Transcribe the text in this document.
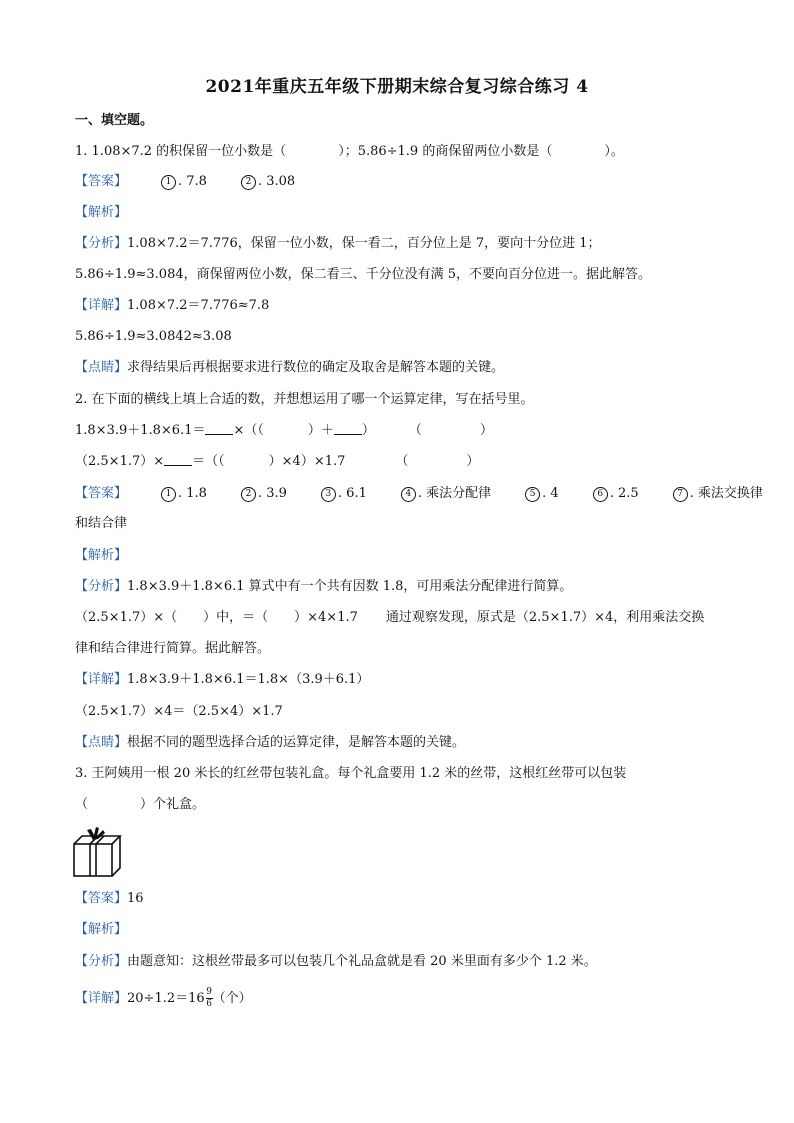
2021年重庆五年级下册期末综合复习综合练习 4
一、填空题。
1. 1.08×7.2 的积保留一位小数是（	）；5.86÷1.9 的商保留两位小数是（	）。
【答案】	1 . 7.8	2 . 3.08
【解析】
【分析】1.08×7.2＝7.776，保留一位小数，保一看二，百分位上是 7，要向十分位进 1；
5.86÷1.9≈3.084，商保留两位小数，保二看三、千分位没有满 5，不要向百分位进一。据此解答。
【详解】1.08×7.2＝7.776≈7.8
5.86÷1.9≈3.0842≈3.08
【点睛】求得结果后再根据要求进行数位的确定及取舍是解答本题的关键。
2. 在下面的横线上填上合适的数，并想想运用了哪一个运算定律，写在括号里。
1.8×3.9＋1.8×6.1＝ ×（（	）＋ ）	（	）
（2.5×1.7）× ＝（（	）×4）×1.7	（	）
【答案】	1 . 1.8	2 . 3.9	3 . 6.1	4 . 乘法分配律	5 . 4	6 . 2.5	7 . 乘法交换律
和结合律
【解析】
【分析】1.8×3.9＋1.8×6.1 算式中有一个共有因数 1.8，可用乘法分配律进行简算。
（2.5×1.7）×（　　）中，＝（　　）×4×1.7 通过观察发现，原式是（2.5×1.7）×4，利用乘法交换
律和结合律进行简算。据此解答。
【详解】1.8×3.9＋1.8×6.1＝1.8×（3.9＋6.1）
（2.5×1.7）×4＝（2.5×4）×1.7
【点睛】根据不同的题型选择合适的运算定律，是解答本题的关键。
3. 王阿姨用一根 20 米长的红丝带包装礼盒。每个礼盒要用 1.2 米的丝带，这根红丝带可以包装
（	）个礼盒。
【答案】16
【解析】
【分析】由题意知：这根丝带最多可以包装几个礼品盒就是看 20 米里面有多少个 1.2 米。
【详解】$20\div 1.2=16 \frac{9}{6}$ （个）
